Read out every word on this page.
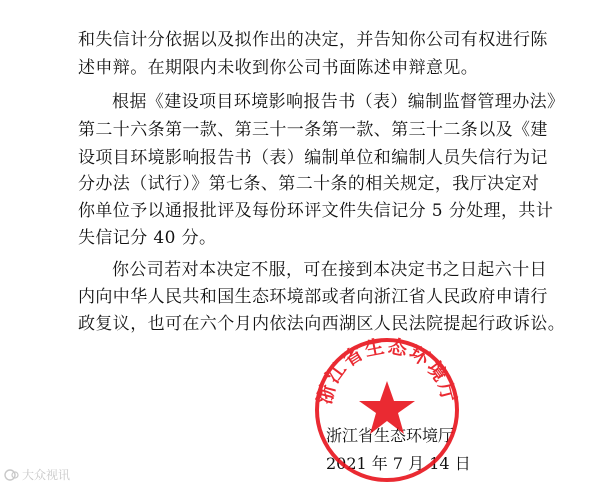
和失信计分依据以及拟作出的决定，并告知你公司有权进行陈
述申辩。在期限内未收到你公司书面陈述申辩意见。
根据《建设项目环境影响报告书（表）编制监督管理办法》
第二十六条第一款、第三十一条第一款、第三十二条以及《建
设项目环境影响报告书（表）编制单位和编制人员失信行为记
分办法（试行）》第七条、第二十条的相关规定，我厅决定对
你单位予以通报批评及每份环评文件失信记分 5 分处理，共计
失信记分 40 分。
你公司若对本决定不服，可在接到本决定书之日起六十日
内向中华人民共和国生态环境部或者向浙江省人民政府申请行
政复议，也可在六个月内依法向西湖区人民法院提起行政诉讼。
浙江省生态环境厅
2021 年 7 月 14 日
浙江省生态环境厅
大众视讯
